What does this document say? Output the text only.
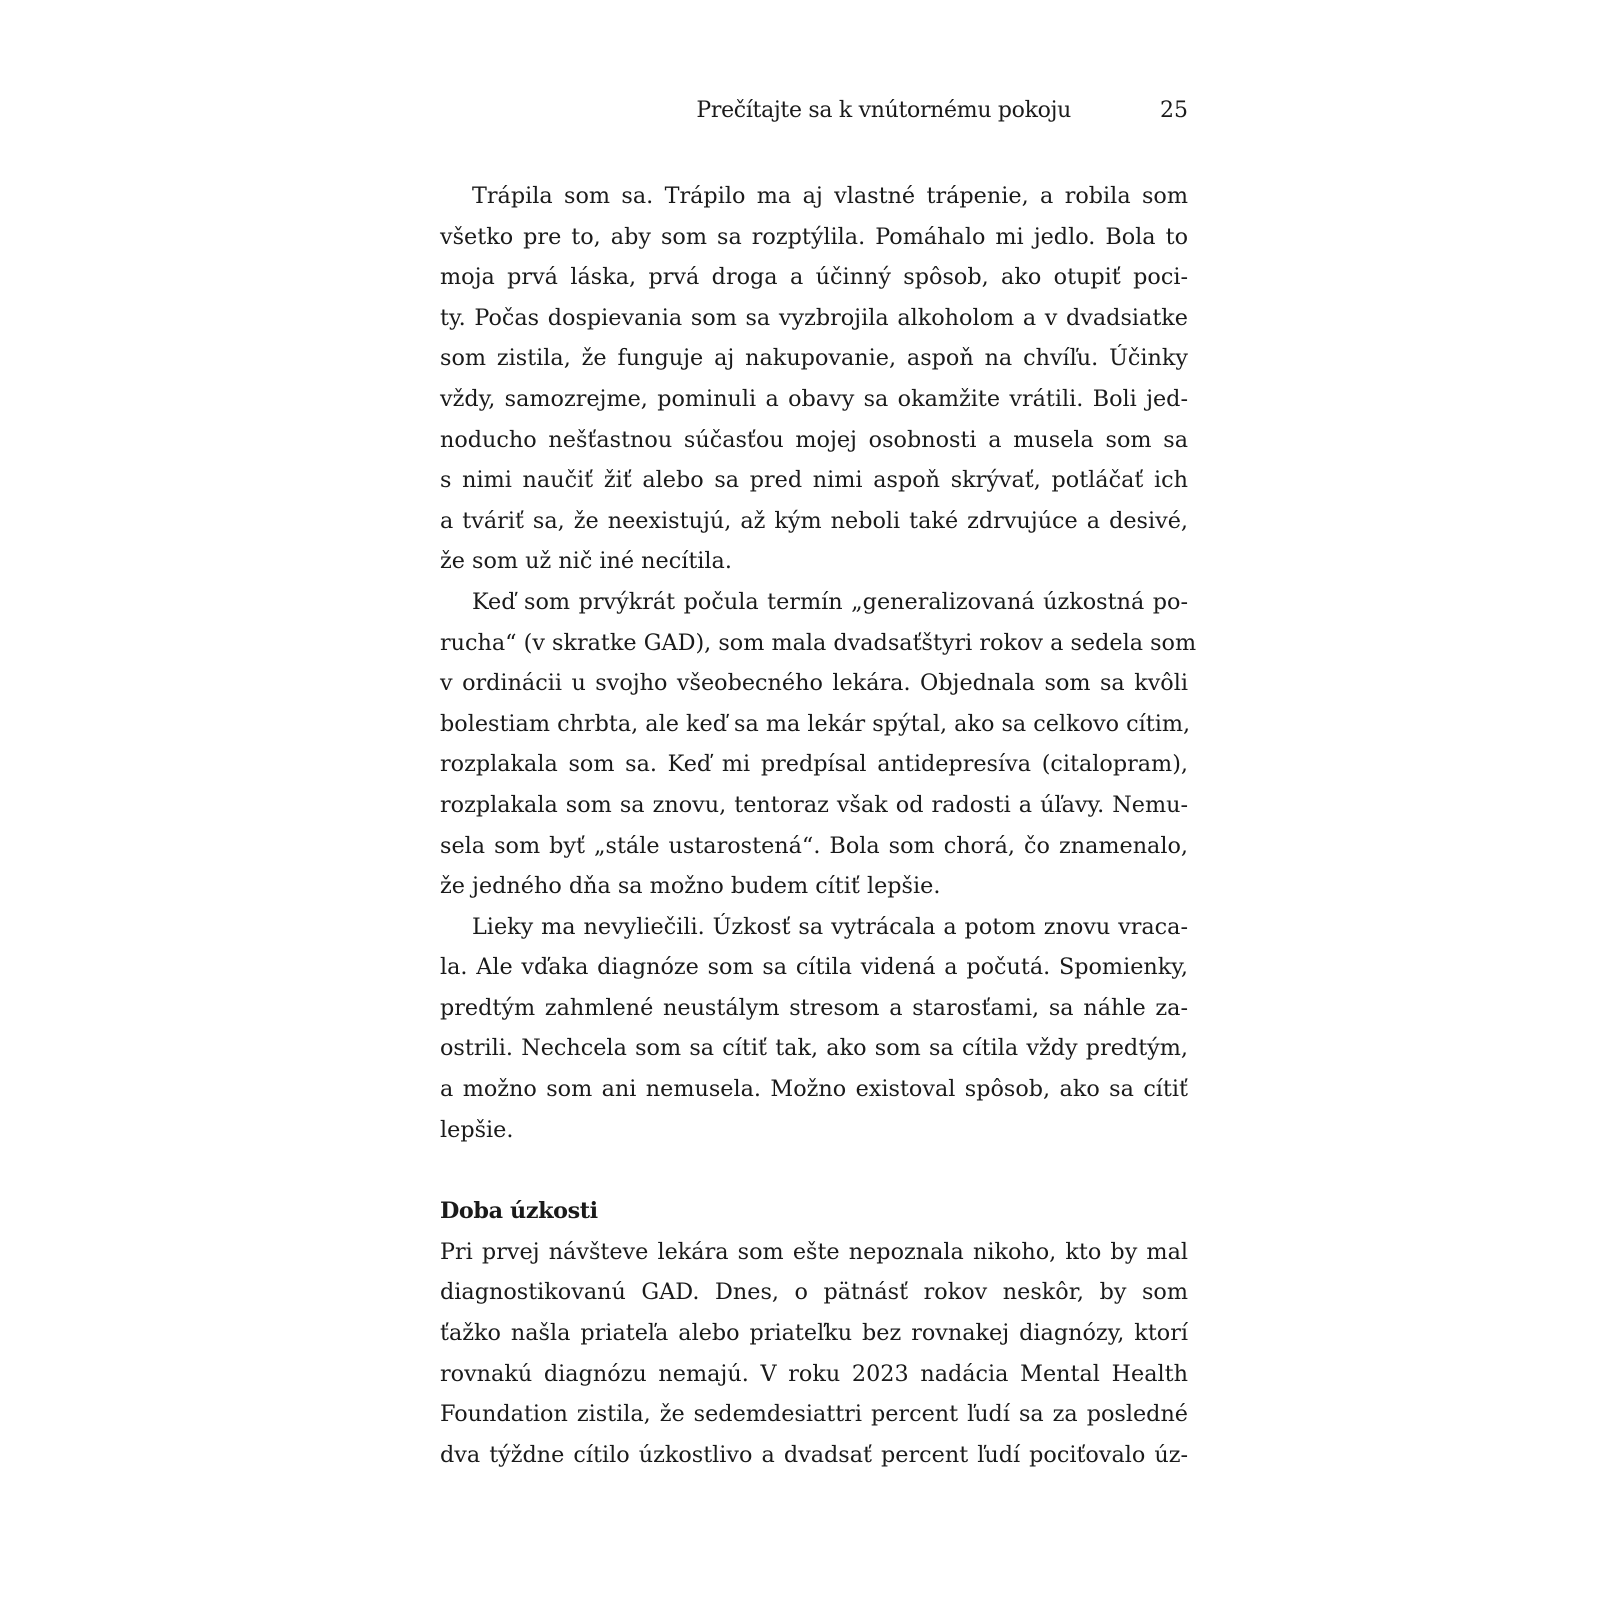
Prečítajte sa k vnútornému pokoju	25
Trápila som sa. Trápilo ma aj vlastné trápenie, a robila som
všetko pre to, aby som sa rozptýlila. Pomáhalo mi jedlo. Bola to
moja prvá láska, prvá droga a účinný spôsob, ako otupiť poci-
ty. Počas dospievania som sa vyzbrojila alkoholom a v dvadsiatke
som zistila, že funguje aj nakupovanie, aspoň na chvíľu. Účinky
vždy, samozrejme, pominuli a obavy sa okamžite vrátili. Boli jed-
noducho nešťastnou súčasťou mojej osobnosti a musela som sa
s nimi naučiť žiť alebo sa pred nimi aspoň skrývať, potláčať ich
a tváriť sa, že neexistujú, až kým neboli také zdrvujúce a desivé,
že som už nič iné necítila.
Keď som prvýkrát počula termín „generalizovaná úzkostná po-
rucha“ (v skratke GAD), som mala dvadsaťštyri rokov a sedela som
v ordinácii u svojho všeobecného lekára. Objednala som sa kvôli
bolestiam chrbta, ale keď sa ma lekár spýtal, ako sa celkovo cítim,
rozplakala som sa. Keď mi predpísal antidepresíva (citalopram),
rozplakala som sa znovu, tentoraz však od radosti a úľavy. Nemu-
sela som byť „stále ustarostená“. Bola som chorá, čo znamenalo,
že jedného dňa sa možno budem cítiť lepšie.
Lieky ma nevyliečili. Úzkosť sa vytrácala a potom znovu vraca-
la. Ale vďaka diagnóze som sa cítila videná a počutá. Spomienky,
predtým zahmlené neustálym stresom a starosťami, sa náhle za-
ostrili. Nechcela som sa cítiť tak, ako som sa cítila vždy predtým,
a možno som ani nemusela. Možno existoval spôsob, ako sa cítiť
lepšie.
Doba úzkosti
Pri prvej návšteve lekára som ešte nepoznala nikoho, kto by mal
diagnostikovanú GAD. Dnes, o pätnásť rokov neskôr, by som
ťažko našla priateľa alebo priateľku bez rovnakej diagnózy, ktorí
rovnakú diagnózu nemajú. V roku 2023 nadácia Mental Health
Foundation zistila, že sedemdesiattri percent ľudí sa za posledné
dva týždne cítilo úzkostlivo a dvadsať percent ľudí pociťovalo úz-
